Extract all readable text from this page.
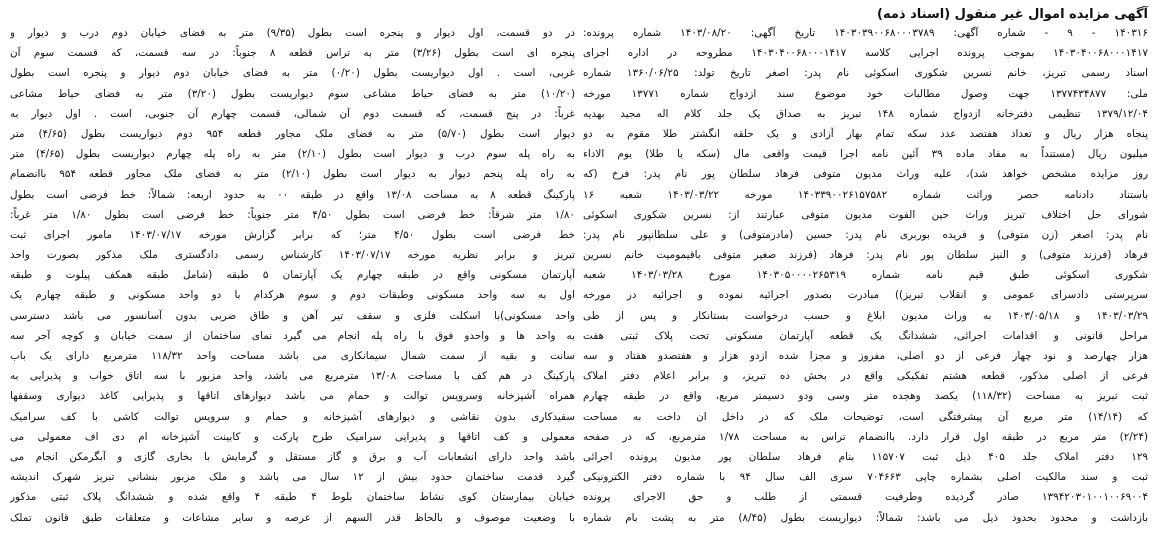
آگهی مزایده اموال غیر منقول (اسناد ذمه)
۱۴۰۳۱۶ - ۹ - شماره آگهی: ۱۴۰۳۰۳۹۰۰۶۸۰۰۰۳۷۸۹ تاریخ آگهی: ۱۴۰۳/۰۸/۲۰ شماره پرونده:
۱۴۰۳۰۴۰۰۶۸۰۰۰۱۴۱۷ بموجب پرونده اجرایی کلاسه ۱۴۰۳۰۴۰۰۶۸۰۰۰۱۴۱۷ مطروحه در اداره اجرای
اسناد رسمی تبریز، خانم نسرین شکوری اسکوئی نام پدر: اصغر تاریخ تولد: ۱۳۶۰/۰۶/۲۵ شماره
ملی: ۱۳۷۷۴۳۴۸۷۷ جهت وصول مطالبات خود موضوع سند ازدواج شماره ۱۳۷۷۱ مورخه
۱۳۷۹/۱۲/۰۴ تنظیمی دفترخانه ازدواج شماره ۱۴۸ تبریز به صداق یک جلد کلام اله مجید بهدیه
پنجاه هزار ریال و تعداد هفتصد عدد سکه تمام بهار آزادی و یک حلقه انگشتر طلا مقوم به دو
میلیون ریال (مستنداً به مفاد ماده ۳۹ آئین نامه اجرا قیمت واقعی مال (سکه یا طلا) یوم الاداء
روز مزایده مشخص خواهد شد)، علیه وراث مدیون متوفی فرهاد سلطان پور نام پدر: فرخ (که
باستناد دادنامه حصر وراثت شماره ۱۴۰۳۳۹۰۰۲۶۱۵۷۵۸۲ مورخه ۱۴۰۳/۰۳/۲۲ شعبه ۱۶
شورای حل اختلاف تبریز وراث حین الفوت مدیون متوفی عبارتند از: نسرین شکوری اسکوئی
نام پدر: اصغر (زن متوفی) و فریده بوربری نام پدر: حسین (مادرمتوفی) و علی سلطانپور نام پدر:
فرهاد (فرزند متوفی) و النیز سلطان پور نام پدر: فرهاد (فرزند صغیر متوفی باقیمومیت خانم نسرین
شکوری اسکوئی طبق قیم نامه شماره ۱۴۰۳۰۵۰۰۰۰۲۶۵۳۱۹ مورخ ۱۴۰۳/۰۳/۲۸ شعبه
سرپرستی دادسرای عمومی و انقلاب تبریز)) مبادرت بصدور اجرائیه نموده و اجرائیه در مورخه
۱۴۰۳/۰۳/۲۹ و ۱۴۰۳/۰۵/۱۸ به وراث مدیون ابلاغ و حسب درخواست بستانکار و پس از طی
مراحل قانونی و اقدامات اجرائی، ششدانگ یک قطعه آپارتمان مسکونی تحت پلاک ثبتی هفت
هزار چهارصد و نود چهار فرعی از دو اصلی، مفروز و مجزا شده ازدو هزار و هفتصدو هفتاد و سه
فرعی از اصلی مذکور، قطعه هشتم تفکیکی واقع در بخش ده تبریز، و برابر اعلام دفتر املاک
ثبت تبریز به مساحت (۱۱۸/۳۲) یکصد وهجده متر وسی ودو دسیمتر مربع، واقع در طبقه چهارم
که (۱۴/۱۴) متر مربع آن پیشرفتگی است، توضیحات ملک که در داخل ان داخت به مساحت
(۲/۲۴) متر مربع در طبقه اول قرار دارد. باانضمام تراس به مساحت ۱/۷۸ مترمربع، که در صفحه
۱۲۹ دفتر املاک جلد ۴۰۵ ذیل ثبت ۱۱۵۷۰۷ بنام فرهاد سلطان پور مدیون پرونده اجرائی
ثبت و سند مالکیت اصلی بشماره چاپی ۷۰۴۶۶۳ سری الف سال ۹۴ با شماره دفتر الکترونیکی
۱۳۹۴۲۰۳۰۱۰۰۱۰۰۶۹۰۰۴ صادر گردیده وطرفیت قسمتی از طلب و حق الاجرای پرونده
بازداشت و محدود بحدود ذیل می باشد: شمالاً: دیواریست بطول (۸/۴۵) متر به پشت بام شماره
در دو قسمت، اول دیوار و پنجره است بطول (۹/۳۵) متر به فضای خیابان دوم درب و دیوار و
پنجره ای است بطول (۳/۲۶) متر به تراس قطعه ۸ جنوباً: در سه قسمت، که قسمت سوم آن
غربی، است . اول دیواریست بطول (۰/۲۰) متر به فضای خیابان دوم دیوار و پنجره است بطول
(۱۰/۲۰) متر به فضای حیاط مشاعی سوم دیواریست بطول (۳/۲۰) متر به فضای حیاط مشاعی
غرباً: در پنج قسمت، که قسمت دوم آن شمالی، قسمت چهارم آن جنوبی، است . اول دیوار به
دیوار است بطول (۵/۷۰) متر به فضای ملک مجاور قطعه ۹۵۴ دوم دیواریست بطول (۴/۶۵) متر
به راه پله سوم درب و دیوار است بطول (۲/۱۰) متر به راه پله چهارم دیواریست بطول (۴/۶۵) متر
به راه پله پنجم دیوار به دیوار است بطول (۲/۱۰) متر به فضای ملک مجاور قطعه ۹۵۴ باانضمام
پارکینگ قطعه ۸ به مساحت ۱۳/۰۸ واقع در طبقه ۰۰ به حدود اربعه: شمالاً: خط فرضی است بطول
۱/۸۰ متر شرقاً: خط فرضی است بطول ۴/۵۰ متر جنوباً: خط فرضی است بطول ۱/۸۰ متر غرباً:
خط فرضی است بطول ۴/۵۰ متر؛ که برابر گزارش مورخه ۱۴۰۳/۰۷/۱۷ مامور اجرای ثبت
تبریز و برابر نظریه مورخه ۱۴۰۳/۰۷/۱۷ کارشناس رسمی دادگستری ملک مذکور بصورت واحد
آپارتمان مسکونی واقع در طبقه چهارم یک آپارتمان ۵ طبقه (شامل طبقه همکف پیلوت و طبقه
اول به سه واحد مسکونی وطبقات دوم و سوم هرکدام با دو واحد مسکونی و طبقه چهارم یک
واحد مسکونی)با اسکلت فلزی و سقف تیر آهن و طاق ضربی بدون آسانسور می باشد دسترسی
به واحد ها و واحدو فوق با راه پله انجام می گیرد نمای ساختمان از سمت خیابان و کوچه آجر سه
سانت و بقیه از سمت شمال سیمانکاری می باشد مساحت واحد ۱۱۸/۳۲ مترمربع دارای یک باب
پارکینگ در هم کف با مساحت ۱۳/۰۸ مترمربع می باشد، واحد مزبور با سه اتاق خواب و پذیرایی به
همراه آشپزخانه وسرویس توالت و حمام می باشد دیوارهای اتاقها و پذیرایی کاغذ دیواری وسقفها
سفیدکاری بدون نقاشی و دیوارهای آشپزخانه و حمام و سرویس توالت کاشی با کف سرامیک
معمولی و کف اتاقها و پذیرایی سرامیک طرح پارکت و کابینت آشپزخانه ام دی اف معمولی می
باشد واحد دارای انشعابات آب و برق و گاز مستقل و گرمایش با بخاری گازی و آبگرمکن انجام می
گیرد قدمت ساختمان حدود بیش از ۱۲ سال می باشد و ملک مزبور بنشانی تبریز شهرک اندیشه
خیابان بیمارستان کوی نشاط ساختمان بلوط ۴ طبقه ۴ واقع شده و ششدانگ پلاک ثبتی مذکور
با وضعیت موصوف و بالحاظ قدر السهم از عرصه و سایر مشاعات و متعلقات طبق قانون تملک
